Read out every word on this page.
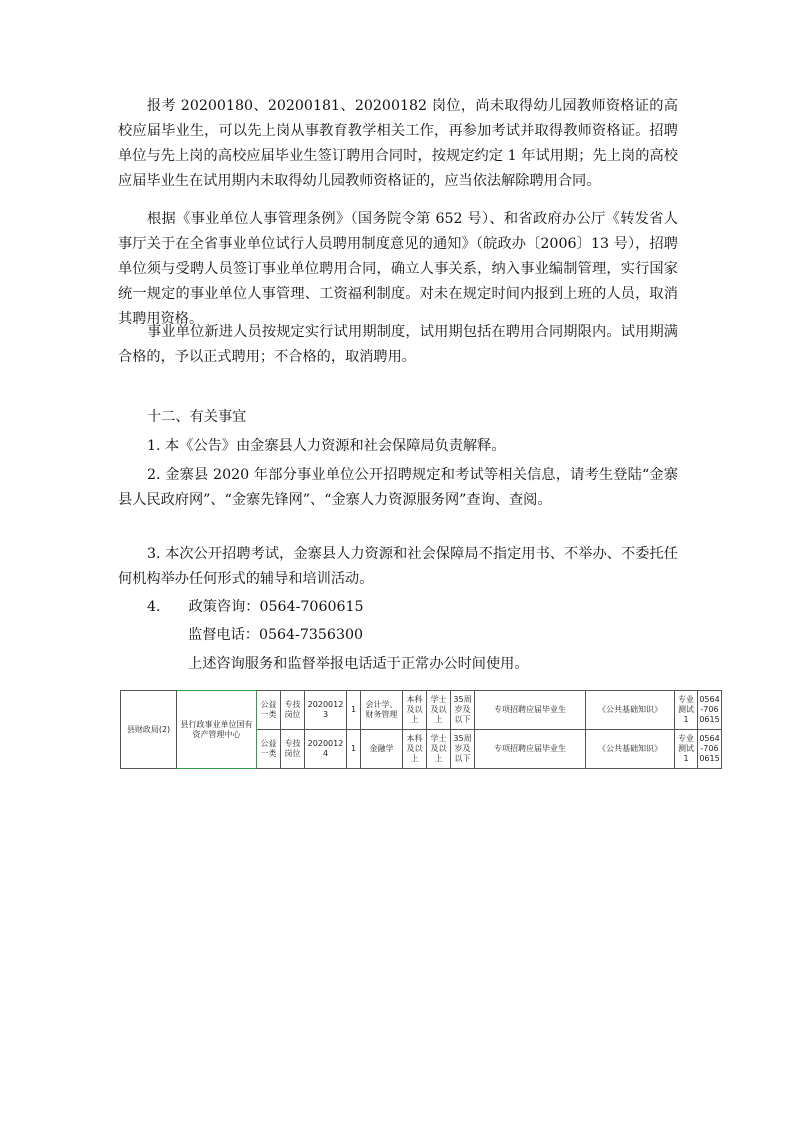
报考 20200180、20200181、20200182 岗位，尚未取得幼儿园教师资格证的高校应届毕业生，可以先上岗从事教育教学相关工作，再参加考试并取得教师资格证。招聘单位与先上岗的高校应届毕业生签订聘用合同时，按规定约定 1 年试用期；先上岗的高校应届毕业生在试用期内未取得幼儿园教师资格证的，应当依法解除聘用合同。

根据《事业单位人事管理条例》（国务院令第 652 号）、和省政府办公厅《转发省人事厅关于在全省事业单位试行人员聘用制度意见的通知》（皖政办〔2006〕13 号），招聘单位须与受聘人员签订事业单位聘用合同，确立人事关系，纳入事业编制管理，实行国家统一规定的事业单位人事管理、工资福利制度。对未在规定时间内报到上班的人员，取消其聘用资格。

事业单位新进人员按规定实行试用期制度，试用期包括在聘用合同期限内。试用期满合格的，予以正式聘用；不合格的，取消聘用。

十二、有关事宜

1. 本《公告》由金寨县人力资源和社会保障局负责解释。

2. 金寨县 2020 年部分事业单位公开招聘规定和考试等相关信息，请考生登陆“金寨县人民政府网”、“金寨先锋网”、“金寨人力资源服务网”查询、查阅。

3. 本次公开招聘考试，金寨县人力资源和社会保障局不指定用书、不举办、不委托任何机构举办任何形式的辅导和培训活动。

4. 政策咨询：0564-7060615
监督电话：0564-7356300
上述咨询服务和监督举报电话适于正常办公时间使用。
县财政局(2)	县行政事业单位国有资产管理中心	公益一类	专技岗位	20200123	1	会计学、财务管理	本科及以上	学士及以上	35周岁及以下	专项招聘应届毕业生	《公共基础知识》	专业测试1	0564-7060615
		公益一类	专技岗位	20200124	1	金融学	本科及以上	学士及以上	35周岁及以下	专项招聘应届毕业生	《公共基础知识》	专业测试1	0564-7060615
